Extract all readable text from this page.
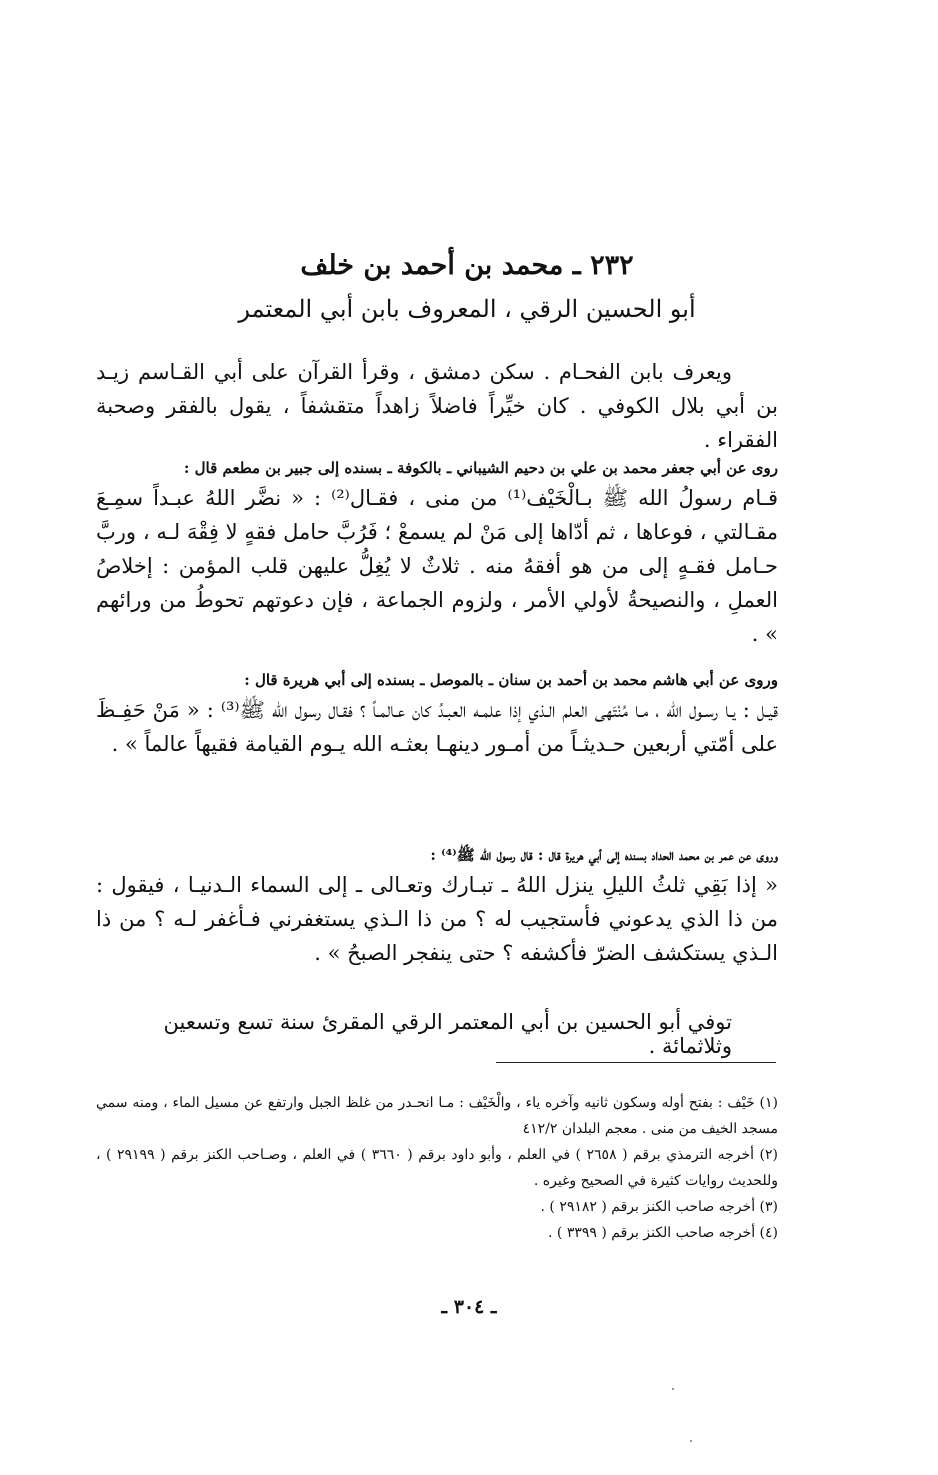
٢٣٢ ـ محمد بن أحمد بن خلف
أبو الحسين الرقي ، المعروف بابن أبي المعتمر

ويعرف بابن الفحـام . سكن دمشق ، وقرأ القرآن على أبي القـاسم زيـد بن أبي بلال الكوفي . كان خيِّراً فاضلاً زاهداً متقشفاً ، يقول بالفقر وصحبة الفقراء .

روى عن أبي جعفر محمد بن علي بن دحيم الشيباني ـ بالكوفة ـ بسنده إلى جبير بن مطعم قال :
قـام رسولُ الله ﷺ بـالْخَيْف⁽¹⁾ من منى ، فقـال⁽²⁾ : « نضَّر اللهُ عبـداً سمِـعَ مقـالتي ، فوعاها ، ثم أدّاها إلى مَنْ لم يسمعْ ؛ فَرُبَّ حامل فقهٍ لا فِقْهَ لـه ، وربَّ حـامل فقـهٍ إلى من هو أفقهُ منه . ثلاثٌ لا يُغِلُّ عليهن قلب المؤمن : إخلاصُ العملِ ، والنصيحةُ لأولي الأمر ، ولزوم الجماعة ، فإن دعوتهم تحوطُ من ورائهم » .
وروى عن أبي هاشم محمد بن أحمد بن سنان ـ بالموصل ـ بسنده إلى أبي هريرة قال :
قيـل : يـا رسـول الله ، مـا مُنْتَهى العلم الـذي إذا علمـه العبـدُ كان عـالمـاً ؟ فقـال رسول الله ﷺ⁽³⁾ : « مَنْ حَفِـظَ على أمّتي أربعين حـديثـاً من أمـور دينهـا بعثـه الله يـوم القيامة فقيهاً عالماً » .
وروى عن عمر بن محمد الحداد بسنده إلى أبي هريرة قال : قال رسول الله ﷺ⁽⁴⁾ :
« إذا بَقِي ثلثُ الليلِ ينزل اللهُ ـ تبـارك وتعـالى ـ إلى السماء الـدنيـا ، فيقول : من ذا الذي يدعوني فأستجيب له ؟ من ذا الـذي يستغفرني فـأغفر لـه ؟ من ذا الـذي يستكشف الضرّ فأكشفه ؟ حتى ينفجر الصبحُ » .
توفي أبو الحسين بن أبي المعتمر الرقي المقرئ سنة تسع وتسعين وثلاثمائة .
(١) خَيْف : بفتح أوله وسكون ثانيه وآخره ياء ، والْخَيْف : مـا انحـدر من غلظ الجبل وارتفع عن مسيل الماء ، ومنه سمي مسجد الخيف من منى . معجم البلدان ٤١٢/٢
(٢) أخرجه الترمذي برقم ( ٢٦٥٨ ) في العلم ، وأبو داود برقم ( ٣٦٦٠ ) في العلم ، وصـاحب الكنز برقم ( ٢٩١٩٩ ) ، وللحديث روايات كثيرة في الصحيح وغيره .
(٣) أخرجه صاحب الكنز برقم ( ٢٩١٨٢ ) .
(٤) أخرجه صاحب الكنز برقم ( ٣٣٩٩ ) .
ـ ٣٠٤ ـ
